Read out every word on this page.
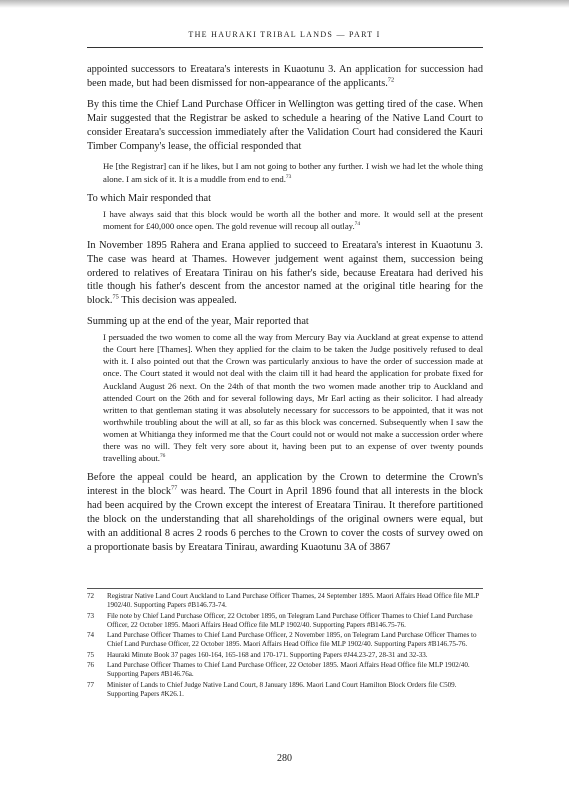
THE HAURAKI TRIBAL LANDS — PART I

appointed successors to Ereatara's interests in Kuaotunu 3. An application for succession had been made, but had been dismissed for non-appearance of the applicants.$^{72}$

By this time the Chief Land Purchase Officer in Wellington was getting tired of the case. When Mair suggested that the Registrar be asked to schedule a hearing of the Native Land Court to consider Ereatara's succession immediately after the Validation Court had considered the Kauri Timber Company's lease, the official responded that

He [the Registrar] can if he likes, but I am not going to bother any further. I wish we had let the whole thing alone. I am sick of it. It is a muddle from end to end.$^{73}$

To which Mair responded that

I have always said that this block would be worth all the bother and more. It would sell at the present moment for £40,000 once open. The gold revenue will recoup all outlay.$^{74}$

In November 1895 Rahera and Erana applied to succeed to Ereatara's interest in Kuaotunu 3. The case was heard at Thames. However judgement went against them, succession being ordered to relatives of Ereatara Tinirau on his father's side, because Ereatara had derived his title though his father's descent from the ancestor named at the original title hearing for the block.$^{75}$ This decision was appealed.

Summing up at the end of the year, Mair reported that

I persuaded the two women to come all the way from Mercury Bay via Auckland at great expense to attend the Court here [Thames]. When they applied for the claim to be taken the Judge positively refused to deal with it. I also pointed out that the Crown was particularly anxious to have the order of succession made at once. The Court stated it would not deal with the claim till it had heard the application for probate fixed for Auckland August 26 next. On the 24th of that month the two women made another trip to Auckland and attended Court on the 26th and for several following days, Mr Earl acting as their solicitor. I had already written to that gentleman stating it was absolutely necessary for successors to be appointed, that it was not worthwhile troubling about the will at all, so far as this block was concerned. Subsequently when I saw the women at Whitianga they informed me that the Court could not or would not make a succession order where there was no will. They felt very sore about it, having been put to an expense of over twenty pounds travelling about.$^{76}$

Before the appeal could be heard, an application by the Crown to determine the Crown's interest in the block$^{77}$ was heard. The Court in April 1896 found that all interests in the block had been acquired by the Crown except the interest of Ereatara Tinirau. It therefore partitioned the block on the understanding that all shareholdings of the original owners were equal, but with an additional 8 acres 2 roods 6 perches to the Crown to cover the costs of survey owed on a proportionate basis by Ereatara Tinirau, awarding Kuaotunu 3A of 3867

72	Registrar Native Land Court Auckland to Land Purchase Officer Thames, 24 September 1895. Maori Affairs Head Office file MLP 1902/40. Supporting Papers #B146.73-74.
73	File note by Chief Land Purchase Officer, 22 October 1895, on Telegram Land Purchase Officer Thames to Chief Land Purchase Officer, 22 October 1895. Maori Affairs Head Office file MLP 1902/40. Supporting Papers #B146.75-76.
74	Land Purchase Officer Thames to Chief Land Purchase Officer, 2 November 1895, on Telegram Land Purchase Officer Thames to Chief Land Purchase Officer, 22 October 1895. Maori Affairs Head Office file MLP 1902/40. Supporting Papers #B146.75-76.
75	Hauraki Minute Book 37 pages 160-164, 165-168 and 170-171. Supporting Papers #J44.23-27, 28-31 and 32-33.
76	Land Purchase Officer Thames to Chief Land Purchase Officer, 22 October 1895. Maori Affairs Head Office file MLP 1902/40. Supporting Papers #B146.76a.
77	Minister of Lands to Chief Judge Native Land Court, 8 January 1896. Maori Land Court Hamilton Block Orders file C509. Supporting Papers #K26.1.
280
